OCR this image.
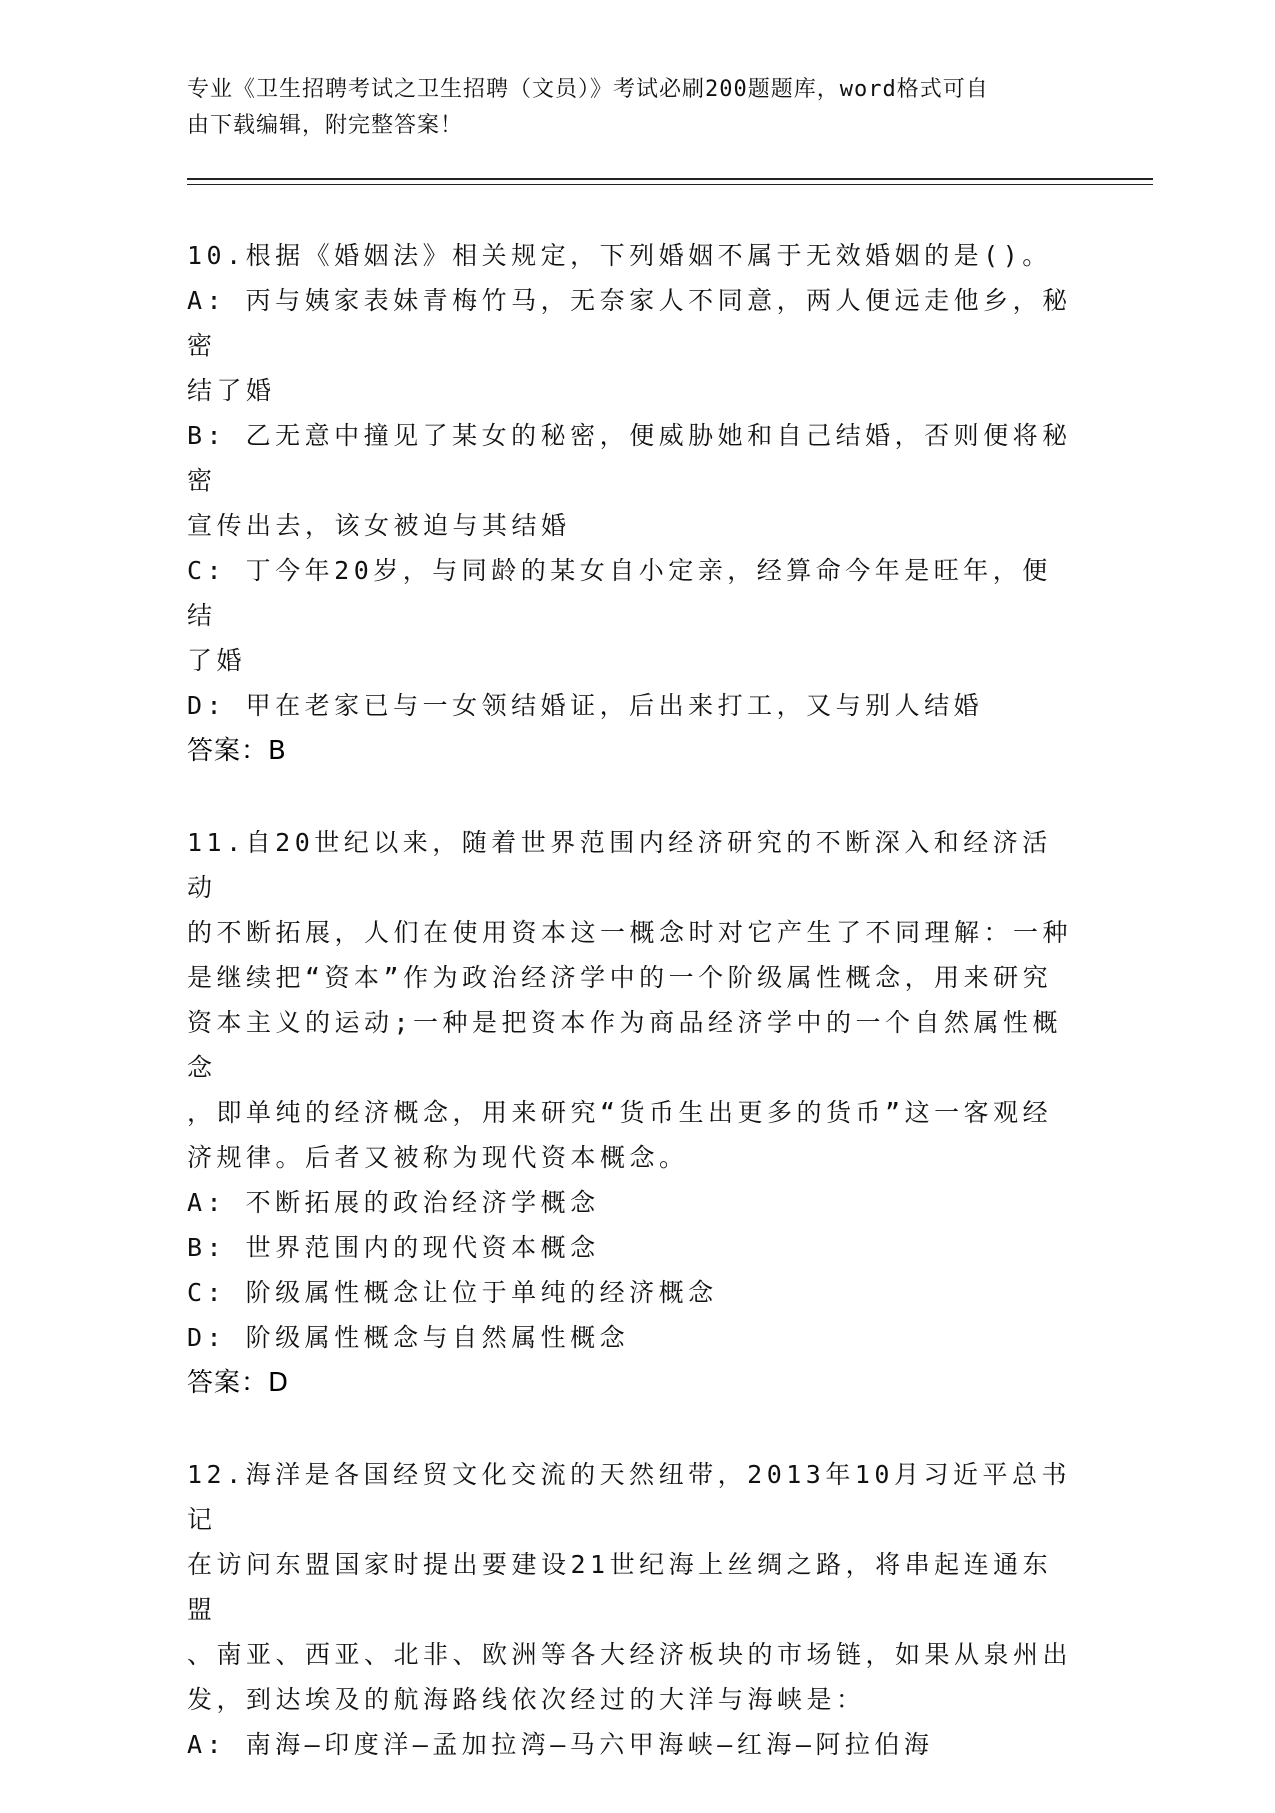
专业《卫生招聘考试之卫生招聘（文员）》考试必刷200题题库，word格式可自
由下载编辑，附完整答案！

10.根据《婚姻法》相关规定，下列婚姻不属于无效婚姻的是()。

A: 丙与姨家表妹青梅竹马，无奈家人不同意，两人便远走他乡，秘密

结了婚

B: 乙无意中撞见了某女的秘密，便威胁她和自己结婚，否则便将秘密

宣传出去，该女被迫与其结婚

C: 丁今年20岁，与同龄的某女自小定亲，经算命今年是旺年，便结

了婚

D: 甲在老家已与一女领结婚证，后出来打工，又与别人结婚

答案：B

11.自20世纪以来，随着世界范围内经济研究的不断深入和经济活动

的不断拓展，人们在使用资本这一概念时对它产生了不同理解：一种

是继续把“资本”作为政治经济学中的一个阶级属性概念，用来研究

资本主义的运动;一种是把资本作为商品经济学中的一个自然属性概念

，即单纯的经济概念，用来研究“货币生出更多的货币”这一客观经

济规律。后者又被称为现代资本概念。

A: 不断拓展的政治经济学概念

B: 世界范围内的现代资本概念

C: 阶级属性概念让位于单纯的经济概念

D: 阶级属性概念与自然属性概念

答案：D

12.海洋是各国经贸文化交流的天然纽带，2013年10月习近平总书记

在访问东盟国家时提出要建设21世纪海上丝绸之路，将串起连通东盟

、南亚、西亚、北非、欧洲等各大经济板块的市场链，如果从泉州出

发，到达埃及的航海路线依次经过的大洋与海峡是：

A: 南海—印度洋—孟加拉湾—马六甲海峡—红海—阿拉伯海
